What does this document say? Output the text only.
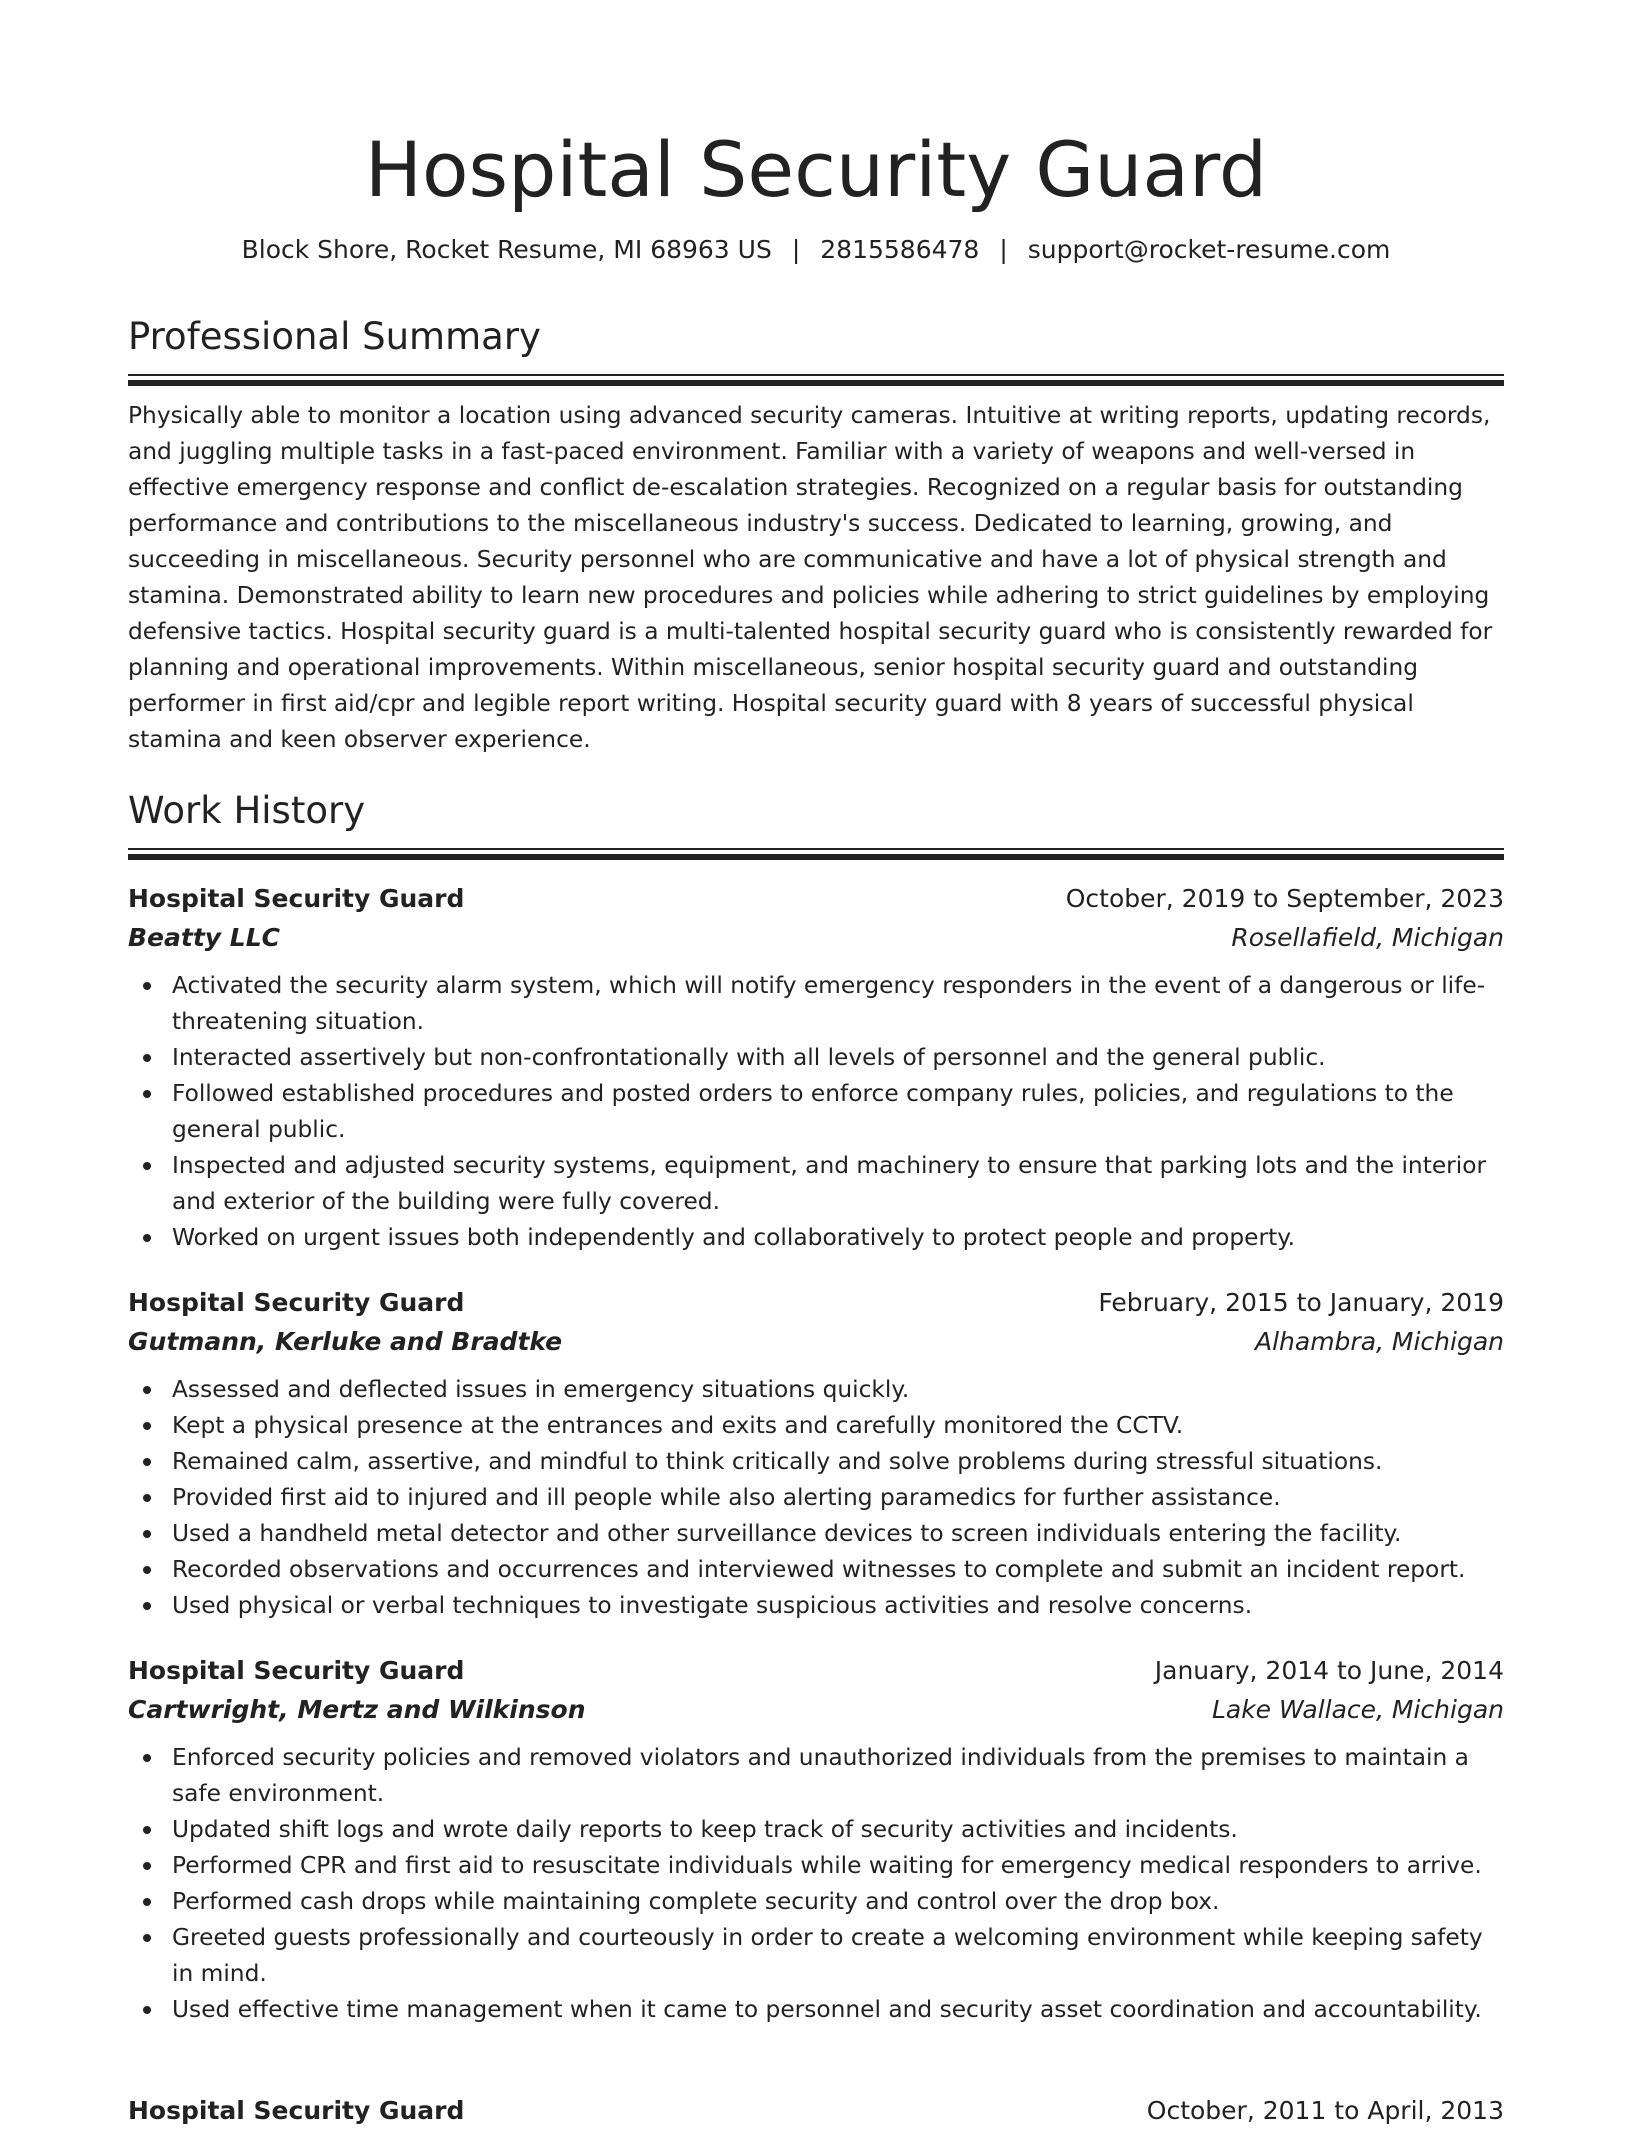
Hospital Security Guard
Block Shore, Rocket Resume, MI 68963 US | 2815586478 | support@rocket-resume.com
Professional Summary

Physically able to monitor a location using advanced security cameras. Intuitive at writing reports, updating records, and juggling multiple tasks in a fast-paced environment. Familiar with a variety of weapons and well-versed in effective emergency response and conflict de-escalation strategies. Recognized on a regular basis for outstanding performance and contributions to the miscellaneous industry's success. Dedicated to learning, growing, and succeeding in miscellaneous. Security personnel who are communicative and have a lot of physical strength and stamina. Demonstrated ability to learn new procedures and policies while adhering to strict guidelines by employing defensive tactics. Hospital security guard is a multi-talented hospital security guard who is consistently rewarded for planning and operational improvements. Within miscellaneous, senior hospital security guard and outstanding performer in first aid/cpr and legible report writing. Hospital security guard with 8 years of successful physical stamina and keen observer experience.

Work History
Hospital Security Guard	October, 2019 to September, 2023
Beatty LLC	Rosellafield, Michigan
Activated the security alarm system, which will notify emergency responders in the event of a dangerous or life-threatening situation.
Interacted assertively but non-confrontationally with all levels of personnel and the general public.
Followed established procedures and posted orders to enforce company rules, policies, and regulations to the general public.
Inspected and adjusted security systems, equipment, and machinery to ensure that parking lots and the interior and exterior of the building were fully covered.
Worked on urgent issues both independently and collaboratively to protect people and property.
Hospital Security Guard	February, 2015 to January, 2019
Gutmann, Kerluke and Bradtke	Alhambra, Michigan
Assessed and deflected issues in emergency situations quickly.
Kept a physical presence at the entrances and exits and carefully monitored the CCTV.
Remained calm, assertive, and mindful to think critically and solve problems during stressful situations.
Provided first aid to injured and ill people while also alerting paramedics for further assistance.
Used a handheld metal detector and other surveillance devices to screen individuals entering the facility.
Recorded observations and occurrences and interviewed witnesses to complete and submit an incident report.
Used physical or verbal techniques to investigate suspicious activities and resolve concerns.
Hospital Security Guard	January, 2014 to June, 2014
Cartwright, Mertz and Wilkinson	Lake Wallace, Michigan
Enforced security policies and removed violators and unauthorized individuals from the premises to maintain a safe environment.
Updated shift logs and wrote daily reports to keep track of security activities and incidents.
Performed CPR and first aid to resuscitate individuals while waiting for emergency medical responders to arrive.
Performed cash drops while maintaining complete security and control over the drop box.
Greeted guests professionally and courteously in order to create a welcoming environment while keeping safety in mind.
Used effective time management when it came to personnel and security asset coordination and accountability.
Hospital Security Guard	October, 2011 to April, 2013
